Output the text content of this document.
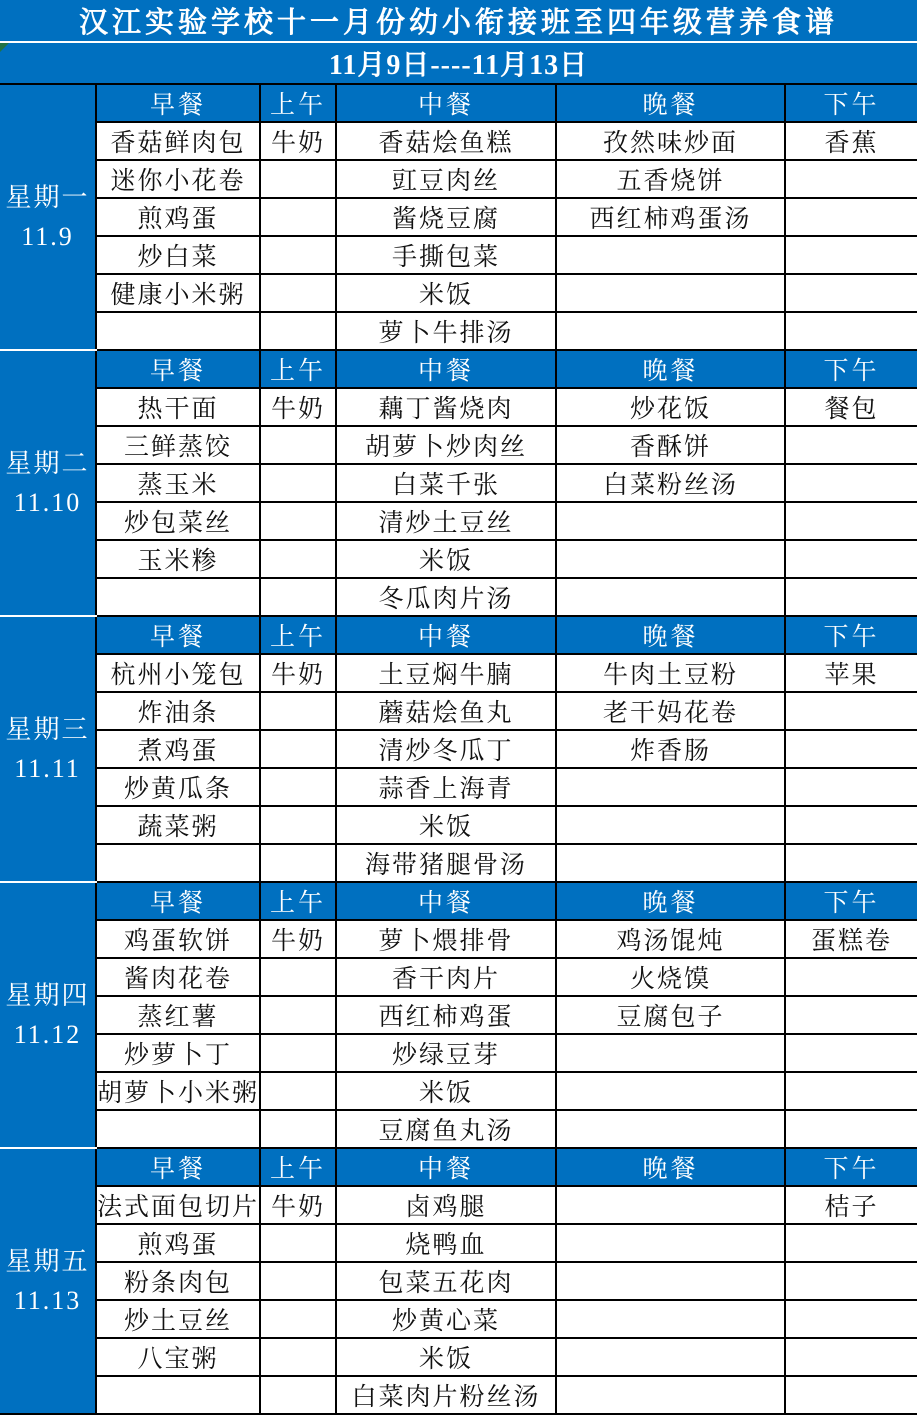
汉江实验学校十一月份幼小衔接班至四年级营养食谱					

11月9日----11月13日					

星期一
11.9	早餐	上午	中餐	晚餐	下午
	香菇鲜肉包	牛奶	香菇烩鱼糕	孜然味炒面	香蕉
	迷你小花卷		豇豆肉丝	五香烧饼	
	煎鸡蛋		酱烧豆腐	西红柿鸡蛋汤	
	炒白菜		手撕包菜		
	健康小米粥		米饭		
			萝卜牛排汤		

星期二
11.10	早餐	上午	中餐	晚餐	下午
	热干面	牛奶	藕丁酱烧肉	炒花饭	餐包
	三鲜蒸饺		胡萝卜炒肉丝	香酥饼	
	蒸玉米		白菜千张	白菜粉丝汤	
	炒包菜丝		清炒土豆丝		
	玉米糁		米饭		
			冬瓜肉片汤		

星期三
11.11	早餐	上午	中餐	晚餐	下午
	杭州小笼包	牛奶	土豆焖牛腩	牛肉土豆粉	苹果
	炸油条		蘑菇烩鱼丸	老干妈花卷	
	煮鸡蛋		清炒冬瓜丁	炸香肠	
	炒黄瓜条		蒜香上海青		
	蔬菜粥		米饭		
			海带猪腿骨汤		

星期四
11.12	早餐	上午	中餐	晚餐	下午
	鸡蛋软饼	牛奶	萝卜煨排骨	鸡汤馄炖	蛋糕卷
	酱肉花卷		香干肉片	火烧馍	
	蒸红薯		西红柿鸡蛋	豆腐包子	
	炒萝卜丁		炒绿豆芽		
	胡萝卜小米粥		米饭		
			豆腐鱼丸汤		

星期五
11.13	早餐	上午	中餐	晚餐	下午
	法式面包切片	牛奶	卤鸡腿		桔子
	煎鸡蛋		烧鸭血		
	粉条肉包		包菜五花肉		
	炒土豆丝		炒黄心菜		
	八宝粥		米饭		
			白菜肉片粉丝汤		
